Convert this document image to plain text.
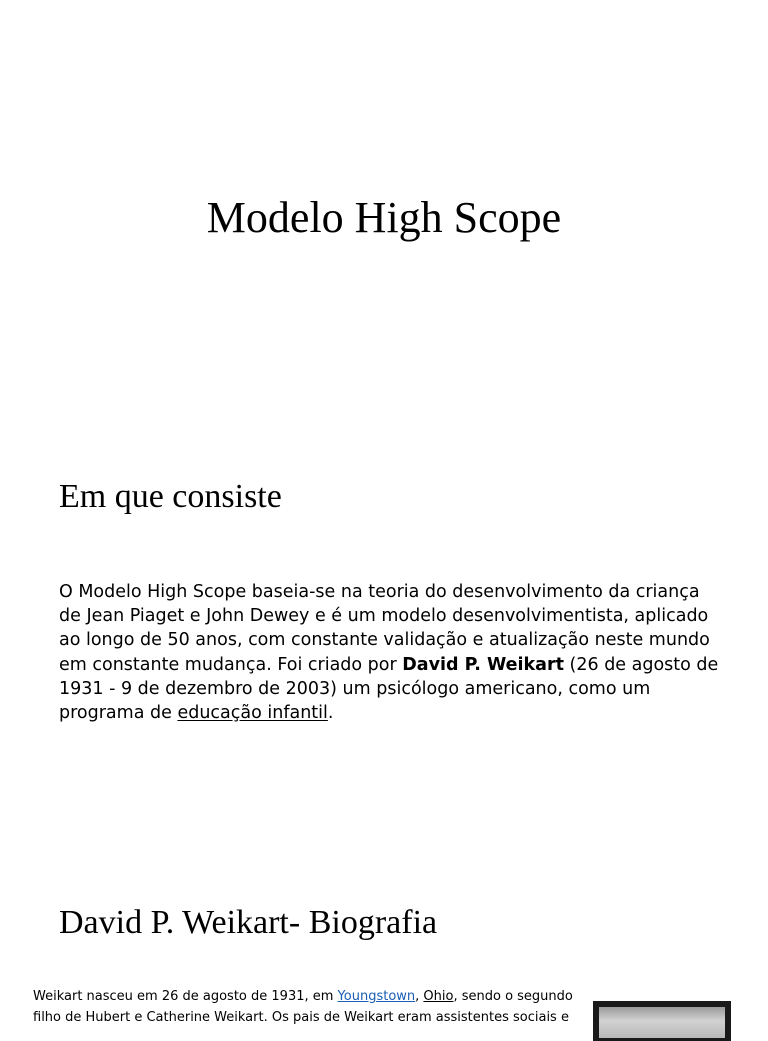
Modelo High Scope
Em que consiste

O Modelo High Scope baseia-se na teoria do desenvolvimento da criança de Jean Piaget e John Dewey e é um modelo desenvolvimentista, aplicado ao longo de 50 anos, com constante validação e atualização neste mundo em constante mudança. Foi criado por David P. Weikart (26 de agosto de 1931 - 9 de dezembro de 2003) um psicólogo americano, como um programa de educação infantil.

David P. Weikart- Biografia

Weikart nasceu em 26 de agosto de 1931, em Youngstown, Ohio, sendo o segundo
filho de Hubert e Catherine Weikart. Os pais de Weikart eram assistentes sociais e
